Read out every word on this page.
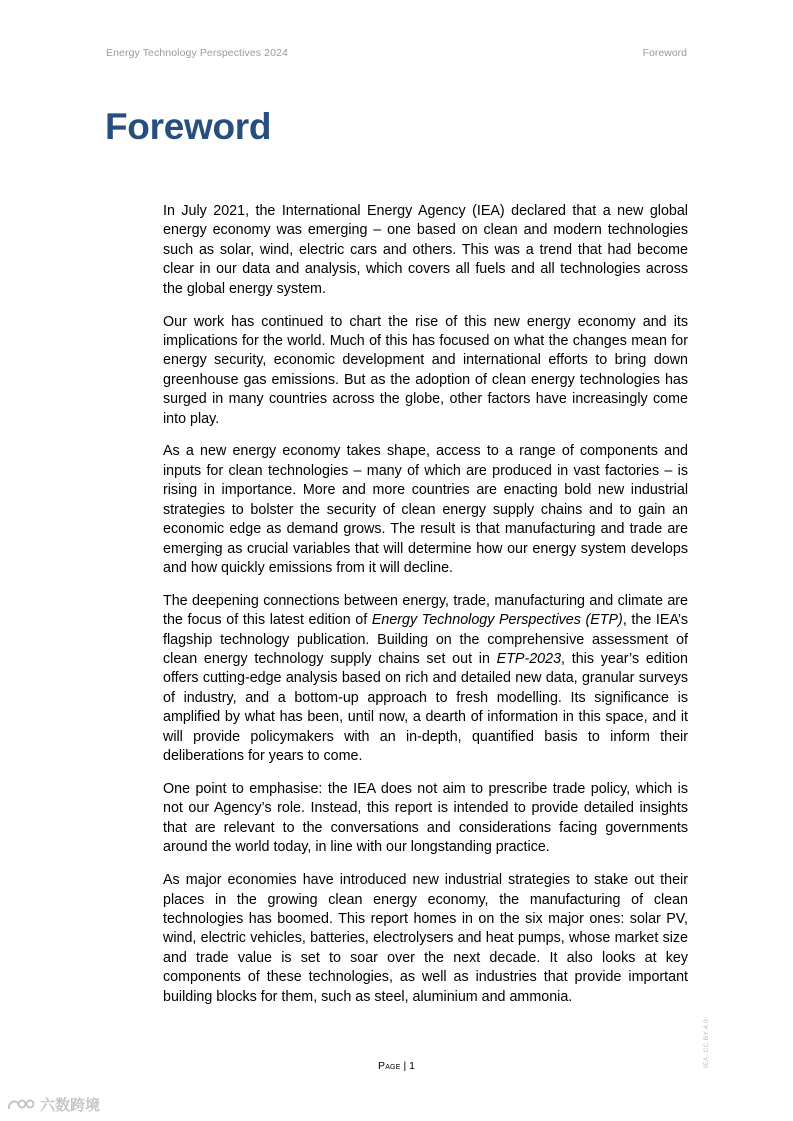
Energy Technology Perspectives 2024	Foreword
Foreword

In July 2021, the International Energy Agency (IEA) declared that a new global energy economy was emerging – one based on clean and modern technologies such as solar, wind, electric cars and others. This was a trend that had become clear in our data and analysis, which covers all fuels and all technologies across the global energy system.

Our work has continued to chart the rise of this new energy economy and its implications for the world. Much of this has focused on what the changes mean for energy security, economic development and international efforts to bring down greenhouse gas emissions. But as the adoption of clean energy technologies has surged in many countries across the globe, other factors have increasingly come into play.

As a new energy economy takes shape, access to a range of components and inputs for clean technologies – many of which are produced in vast factories – is rising in importance. More and more countries are enacting bold new industrial strategies to bolster the security of clean energy supply chains and to gain an economic edge as demand grows. The result is that manufacturing and trade are emerging as crucial variables that will determine how our energy system develops and how quickly emissions from it will decline.

The deepening connections between energy, trade, manufacturing and climate are the focus of this latest edition of Energy Technology Perspectives (ETP), the IEA’s flagship technology publication. Building on the comprehensive assessment of clean energy technology supply chains set out in ETP-2023, this year’s edition offers cutting-edge analysis based on rich and detailed new data, granular surveys of industry, and a bottom-up approach to fresh modelling. Its significance is amplified by what has been, until now, a dearth of information in this space, and it will provide policymakers with an in-depth, quantified basis to inform their deliberations for years to come.

One point to emphasise: the IEA does not aim to prescribe trade policy, which is not our Agency’s role. Instead, this report is intended to provide detailed insights that are relevant to the conversations and considerations facing governments around the world today, in line with our longstanding practice.

As major economies have introduced new industrial strategies to stake out their places in the growing clean energy economy, the manufacturing of clean technologies has boomed. This report homes in on the six major ones: solar PV, wind, electric vehicles, batteries, electrolysers and heat pumps, whose market size and trade value is set to soar over the next decade. It also looks at key components of these technologies, as well as industries that provide important building blocks for them, such as steel, aluminium and ammonia.

Page | 1	IEA. CC BY 4.0.
六数跨境
